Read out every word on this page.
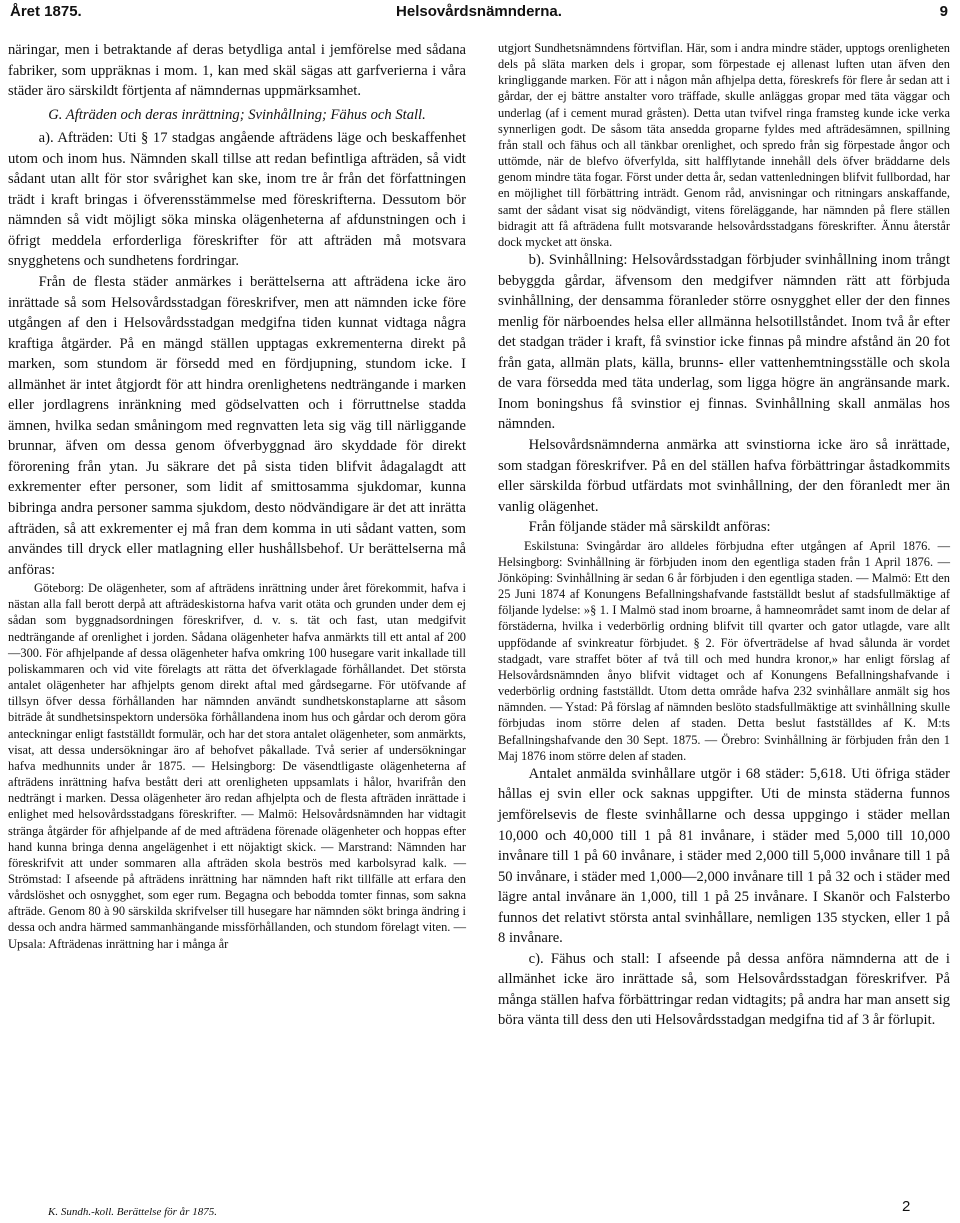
Året 1875.	Helsovårdsnämnderna.	9

näringar, men i betraktande af deras betydliga antal i jemförelse med sådana fabriker, som uppräknas i mom. 1, kan med skäl sägas att garfverierna i våra städer äro särskildt förtjenta af nämndernas uppmärksamhet.

G. Afträden och deras inrättning; Svinhållning; Fähus och Stall.

a). Afträden: Uti § 17 stadgas angående afträdens läge och beskaffenhet utom och inom hus. Nämnden skall tillse att redan befintliga afträden, så vidt sådant utan allt för stor svårighet kan ske, inom tre år från det författningen trädt i kraft bringas i öfverensstämmelse med föreskrifterna. Dessutom bör nämnden så vidt möjligt söka minska olägenheterna af afdunstningen och i öfrigt meddela erforderliga föreskrifter för att afträden må motsvara snygghetens och sundhetens fordringar.

Från de flesta städer anmärkes i berättelserna att afträdena icke äro inrättade så som Helsovårdsstadgan föreskrifver, men att nämnden icke före utgången af den i Helsovårdsstadgan medgifna tiden kunnat vidtaga några kraftiga åtgärder. På en mängd ställen upptagas exkrementerna direkt på marken, som stundom är försedd med en fördjupning, stundom icke. I allmänhet är intet åtgjordt för att hindra orenlighetens nedträngande i marken eller jordlagrens inränkning med gödselvatten och i förruttnelse stadda ämnen, hvilka sedan småningom med regnvatten leta sig väg till närliggande brunnar, äfven om dessa genom öfverbyggnad äro skyddade för direkt förorening från ytan. Ju säkrare det på sista tiden blifvit ådagalagdt att exkrementer efter personer, som lidit af smittosamma sjukdomar, kunna bibringa andra personer samma sjukdom, desto nödvändigare är det att inrätta afträden, så att exkrementer ej må fran dem komma in uti sådant vatten, som användes till dryck eller matlagning eller hushållsbehof. Ur berättelserna må anföras:

Göteborg: De olägenheter, som af afträdens inrättning under året förekommit, hafva i nästan alla fall berott derpå att afträdeskistorna hafva varit otäta och grunden under dem ej sådan som byggnadsordningen föreskrifver, d. v. s. tät och fast, utan medgifvit nedträngande af orenlighet i jorden. Sådana olägenheter hafva anmärkts till ett antal af 200—300. För afhjelpande af dessa olägenheter hafva omkring 100 husegare varit inkallade till poliskammaren och vid vite förelagts att rätta det öfverklagade förhållandet. Det största antalet olägenheter har afhjelpts genom direkt aftal med gårdsegarne. För utöfvande af tillsyn öfver dessa förhållanden har nämnden användt sundhetskonstaplarne att såsom biträde åt sundhetsinspektorn undersöka förhållandena inom hus och gårdar och derom göra anteckningar enligt fastställdt formulär, och har det stora antalet olägenheter, som anmärkts, visat, att dessa undersökningar äro af behofvet påkallade. Två serier af undersökningar hafva medhunnits under år 1875. — Helsingborg: De väsendtligaste olägenheterna af afträdens inrättning hafva bestått deri att orenligheten uppsamlats i hålor, hvarifrån den nedträngt i marken. Dessa olägenheter äro redan afhjelpta och de flesta afträden inrättade i enlighet med helsovårdsstadgans föreskrifter. — Malmö: Helsovårdsnämnden har vidtagit stränga åtgärder för afhjelpande af de med afträdena förenade olägenheter och hoppas efter hand kunna bringa denna angelägenhet i ett nöjaktigt skick. — Marstrand: Nämnden har föreskrifvit att under sommaren alla afträden skola beströs med karbolsyrad kalk. — Strömstad: I afseende på afträdens inrättning har nämnden haft rikt tillfälle att erfara den vårdslöshet och osnygghet, som eger rum. Begagna och bebodda tomter finnas, som sakna afträde. Genom 80 à 90 särskilda skrifvelser till husegare har nämnden sökt bringa ändring i dessa och andra härmed sammanhängande missförhållanden, och stundom förelagt viten. — Upsala: Afträdenas inrättning har i många år

K. Sundh.-koll. Berättelse för år 1875.

utgjort Sundhetsnämndens förtviflan. Här, som i andra mindre städer, upptogs orenligheten dels på släta marken dels i gropar, som förpestade ej allenast luften utan äfven den kringliggande marken. För att i någon mån afhjelpa detta, föreskrefs för flere år sedan att i gårdar, der ej bättre anstalter voro träffade, skulle anläggas gropar med täta väggar och underlag (af i cement murad gråsten). Detta utan tvifvel ringa framsteg kunde icke verka synnerligen godt. De såsom täta ansedda groparne fyldes med afträdesämnen, spillning från stall och fähus och all tänkbar orenlighet, och spredo från sig förpestade ångor och uttömde, när de blefvo öfverfylda, sitt halfflytande innehåll dels öfver bräddarne dels genom mindre täta fogar. Först under detta år, sedan vattenledningen blifvit fullbordad, har en möjlighet till förbättring inträdt. Genom råd, anvisningar och ritningars anskaffande, samt der sådant visat sig nödvändigt, vitens föreläggande, har nämnden på flere ställen bidragit att få afträdena fullt motsvarande helsovårdsstadgans föreskrifter. Ännu återstår dock mycket att önska.

b). Svinhållning: Helsovårdsstadgan förbjuder svinhållning inom trångt bebyggda gårdar, äfvensom den medgifver nämnden rätt att förbjuda svinhållning, der densamma föranleder större osnygghet eller der den finnes menlig för närboendes helsa eller allmänna helsotillståndet. Inom två år efter det stadgan träder i kraft, få svinstior icke finnas på mindre afstånd än 20 fot från gata, allmän plats, källa, brunns- eller vattenhemtningsställe och skola de vara försedda med täta underlag, som ligga högre än angränsande mark. Inom boningshus få svinstior ej finnas. Svinhållning skall anmälas hos nämnden.

Helsovårdsnämnderna anmärka att svinstiorna icke äro så inrättade, som stadgan föreskrifver. På en del ställen hafva förbättringar åstadkommits eller särskilda förbud utfärdats mot svinhållning, der den föranledt mer än vanlig olägenhet.

Från följande städer må särskildt anföras:

Eskilstuna: Svingårdar äro alldeles förbjudna efter utgången af April 1876. — Helsingborg: Svinhållning är förbjuden inom den egentliga staden från 1 April 1876. — Jönköping: Svinhållning är sedan 6 år förbjuden i den egentliga staden. — Malmö: Ett den 25 Juni 1874 af Konungens Befallningshafvande fastställdt beslut af stadsfullmäktige af följande lydelse: »§ 1. I Malmö stad inom broarne, å hamneområdet samt inom de delar af förstäderna, hvilka i vederbörlig ordning blifvit till qvarter och gator utlagde, vare allt uppfödande af svinkreatur förbjudet. § 2. För öfverträdelse af hvad sålunda är vordet stadgadt, vare straffet böter af två till och med hundra kronor,» har enligt förslag af Helsovårdsnämnden ånyo blifvit vidtaget och af Konungens Befallningshafvande i vederbörlig ordning fastställdt. Utom detta område hafva 232 svinhållare anmält sig hos nämnden. — Ystad: På förslag af nämnden beslöto stadsfullmäktige att svinhållning skulle förbjudas inom större delen af staden. Detta beslut fastställdes af K. M:ts Befallningshafvande den 30 Sept. 1875. — Örebro: Svinhållning är förbjuden från den 1 Maj 1876 inom större delen af staden.

Antalet anmälda svinhållare utgör i 68 städer: 5,618. Uti öfriga städer hållas ej svin eller ock saknas uppgifter. Uti de minsta städerna funnos jemförelsevis de fleste svinhållarne och dessa uppgingo i städer mellan 10,000 och 40,000 till 1 på 81 invånare, i städer med 5,000 till 10,000 invånare till 1 på 60 invånare, i städer med 2,000 till 5,000 invånare till 1 på 50 invånare, i städer med 1,000—2,000 invånare till 1 på 32 och i städer med lägre antal invånare än 1,000, till 1 på 25 invånare. I Skanör och Falsterbo funnos det relativt största antal svinhållare, nemligen 135 stycken, eller 1 på 8 invånare.

c). Fähus och stall: I afseende på dessa anföra nämnderna att de i allmänhet icke äro inrättade så, som Helsovårdsstadgan föreskrifver. På många ställen hafva förbättringar redan vidtagits; på andra har man ansett sig böra vänta till dess den uti Helsovårdsstadgan medgifna tid af 3 år förlupit.

2
